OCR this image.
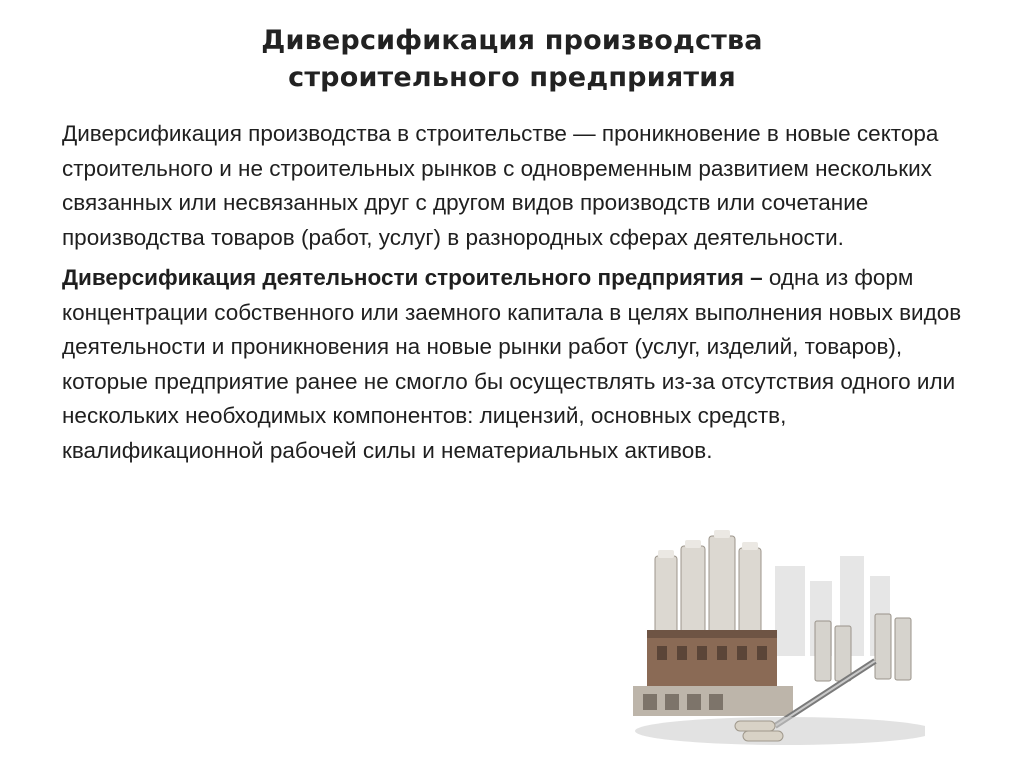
Диверсификация производства
строительного предприятия

Диверсификация производства в строительстве — проникновение в новые сектора строительного и не строительных рынков с одновременным развитием нескольких связанных или несвязанных друг с другом видов производств или сочетание производства товаров (работ, услуг) в разнородных сферах деятельности.

Диверсификация деятельности строительного предприятия – одна из форм концентрации собственного или заемного капитала в целях выполнения новых видов деятельности и проникновения на новые рынки работ (услуг, изделий, товаров), которые предприятие ранее не смогло бы осуществлять из-за отсутствия одного или нескольких необходимых компонентов: лицензий, основных средств, квалификационной рабочей силы и нематериальных активов.
